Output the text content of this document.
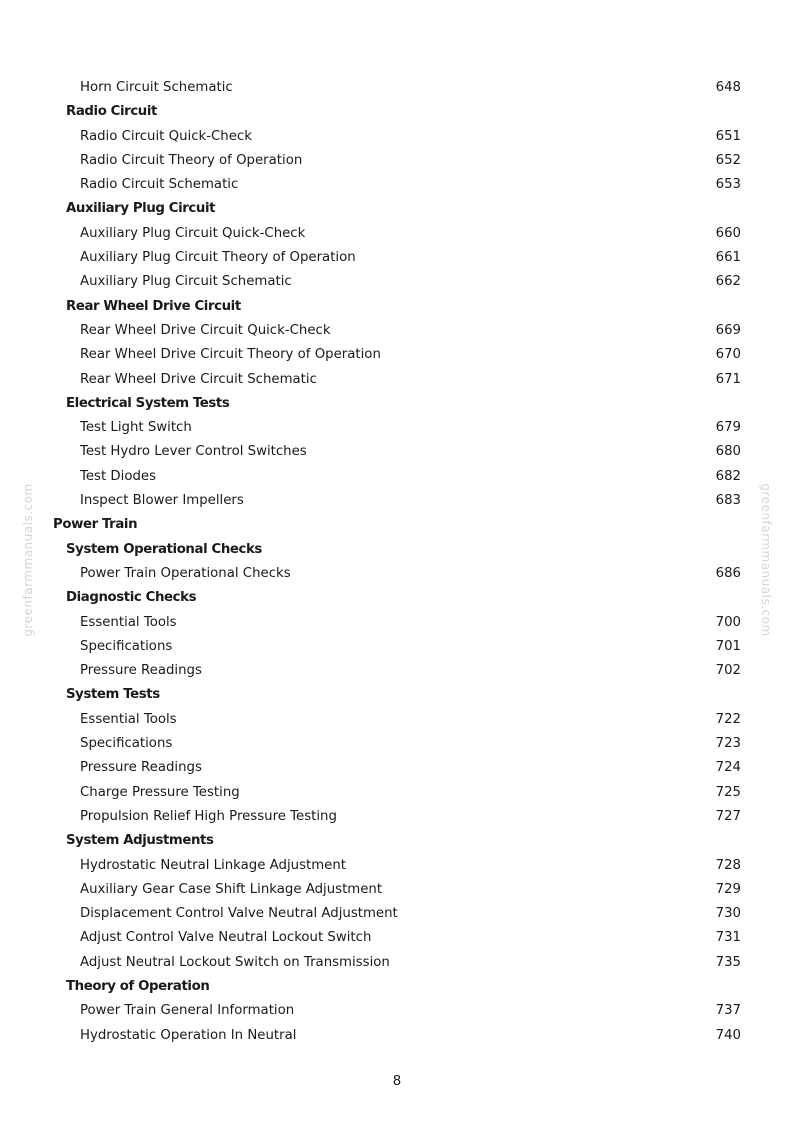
greenfarmmanuals.com	greenfarmmanuals.com
Horn Circuit Schematic	648
Radio Circuit
Radio Circuit Quick-Check	651
Radio Circuit Theory of Operation	652
Radio Circuit Schematic	653
Auxiliary Plug Circuit
Auxiliary Plug Circuit Quick-Check	660
Auxiliary Plug Circuit Theory of Operation	661
Auxiliary Plug Circuit Schematic	662
Rear Wheel Drive Circuit
Rear Wheel Drive Circuit Quick-Check	669
Rear Wheel Drive Circuit Theory of Operation	670
Rear Wheel Drive Circuit Schematic	671
Electrical System Tests
Test Light Switch	679
Test Hydro Lever Control Switches	680
Test Diodes	682
Inspect Blower Impellers	683
Power Train
System Operational Checks
Power Train Operational Checks	686
Diagnostic Checks
Essential Tools	700
Specifications	701
Pressure Readings	702
System Tests
Essential Tools	722
Specifications	723
Pressure Readings	724
Charge Pressure Testing	725
Propulsion Relief High Pressure Testing	727
System Adjustments
Hydrostatic Neutral Linkage Adjustment	728
Auxiliary Gear Case Shift Linkage Adjustment	729
Displacement Control Valve Neutral Adjustment	730
Adjust Control Valve Neutral Lockout Switch	731
Adjust Neutral Lockout Switch on Transmission	735
Theory of Operation
Power Train General Information	737
Hydrostatic Operation In Neutral	740
8
